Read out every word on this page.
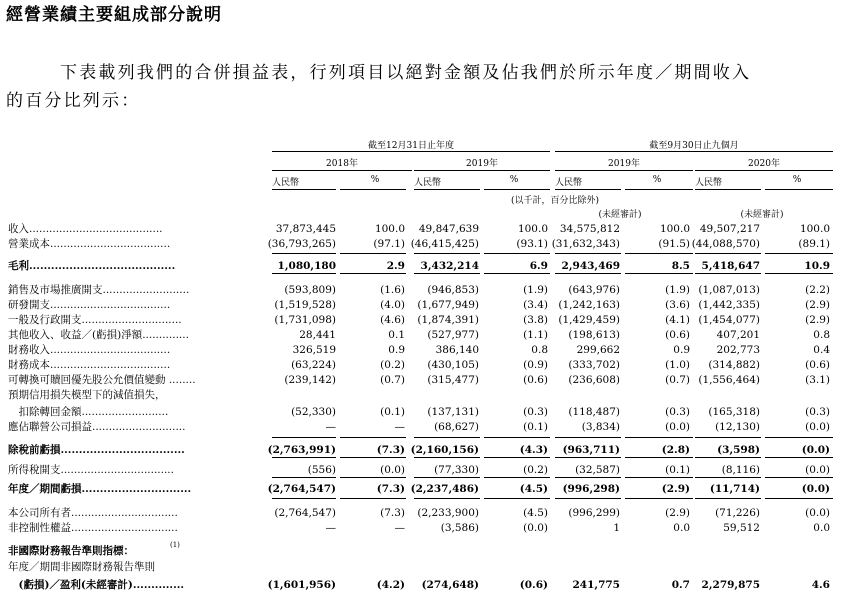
經營業績主要組成部分說明
下表載列我們的合併損益表，行列項目以絕對金額及佔我們於所示年度／期間收入
的百分比列示：
截至12月31日止年度	截至9月30日止九個月
2018年	2019年	2019年	2020年
人民幣	%	人民幣	%	人民幣	%	人民幣	%
(以千計，百分比除外)
(未經審計)	(未經審計)
收入........................................	37,873,445	100.0 49,847,639	100.0 34,575,812	100.0 49,507,217	100.0
營業成本....................................	(36,793,265)	(97.1) (46,415,425)	(93.1) (31,632,343)	(91.5) (44,088,570)	(89.1)
毛利........................................	1,080,180	2.9 3,432,214	6.9 2,943,469	8.5 5,418,647	10.9
銷售及市場推廣開支..........................	(593,809)	(1.6) (946,853)	(1.9) (643,976)	(1.9) (1,087,013)	(2.2)
研發開支....................................	(1,519,528)	(4.0) (1,677,949)	(3.4) (1,242,163)	(3.6) (1,442,335)	(2.9)
一般及行政開支..............................	(1,731,098)	(4.6) (1,874,391)	(3.8) (1,429,459)	(4.1) (1,454,077)	(2.9)
其他收入、收益／(虧損)淨額..............	28,441	0.1 (527,977)	(1.1) (198,613)	(0.6)	407,201	0.8
財務收入....................................	326,519	0.9	386,140	0.8	299,662	0.9	202,773	0.4
財務成本....................................	(63,224)	(0.2) (430,105)	(0.9) (333,702)	(1.0) (314,882)	(0.6)
可轉換可贖回優先股公允價值變動 ........	(239,142)	(0.7) (315,477)	(0.6) (236,608)	(0.7) (1,556,464)	(3.1)
預期信用損失模型下的減值損失，
　扣除轉回金額..........................	(52,330)	(0.1) (137,131)	(0.3) (118,487)	(0.3) (165,318)	(0.3)
應佔聯營公司損益............................	—	—	(68,627)	(0.1)	(3,834)	(0.0) (12,130)	(0.0)
除稅前虧損..................................	(2,763,991)	(7.3) (2,160,156)	(4.3) (963,711)	(2.8)	(3,598)	(0.0)
所得稅開支..................................	(556)	(0.0)	(77,330)	(0.2)	(32,587)	(0.1)	(8,116)	(0.0)
年度／期間虧損..............................	(2,764,547)	(7.3) (2,237,486)	(4.5) (996,298)	(2.9) (11,714)	(0.0)
本公司所有者................................	(2,764,547)	(7.3) (2,233,900)	(4.5) (996,299)	(2.9) (71,226)	(0.0)
非控制性權益................................	—	—	(3,586)	(0.0)	1	0.0	59,512	0.0
非國際財務報告準則指標：
年度／期間非國際財務報告準則
　(虧損)／盈利(未經審計)..............	(1,601,956)	(4.2) (274,648)	(0.6) 241,775	0.7 2,279,875	4.6
(1)
